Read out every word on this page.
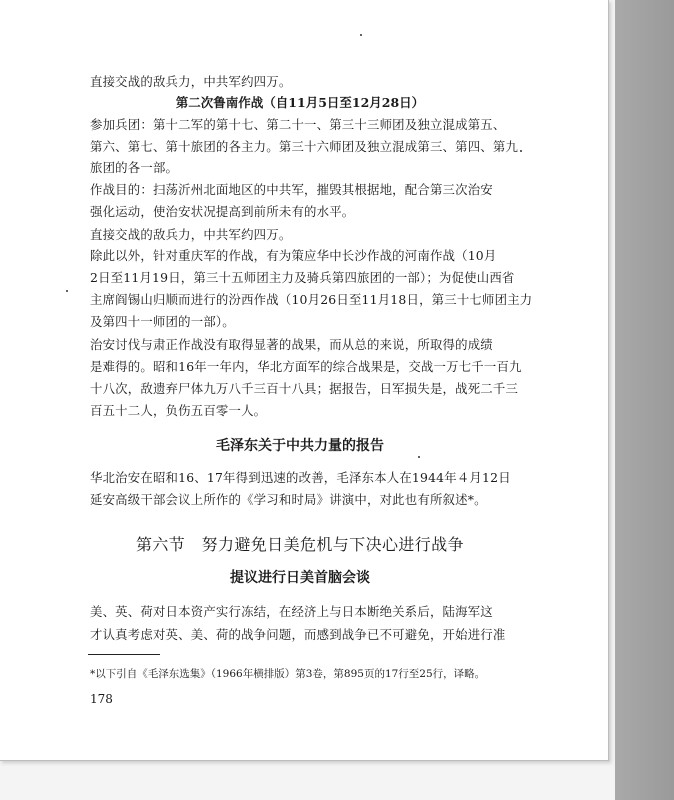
直接交战的敌兵力，中共军约四万。
第二次鲁南作战（自11月5日至12月28日）
参加兵团：第十二军的第十七、第二十一、第三十三师团及独立混成第五、
第六、第七、第十旅团的各主力。第三十六师团及独立混成第三、第四、第九
旅团的各一部。
作战目的：扫荡沂州北面地区的中共军，摧毁其根据地，配合第三次治安
强化运动，使治安状况提高到前所未有的水平。
直接交战的敌兵力，中共军约四万。
除此以外，针对重庆军的作战，有为策应华中长沙作战的河南作战（10月
2日至11月19日，第三十五师团主力及骑兵第四旅团的一部）；为促使山西省
主席阎锡山归顺而进行的汾西作战（10月26日至11月18日，第三十七师团主力
及第四十一师团的一部）。
治安讨伐与肃正作战没有取得显著的战果，而从总的来说，所取得的成绩
是难得的。昭和16年一年内，华北方面军的综合战果是，交战一万七千一百九
十八次，敌遗弃尸体九万八千三百十八具；据报告，日军损失是，战死二千三
百五十二人，负伤五百零一人。
毛泽东关于中共力量的报告
华北治安在昭和16、17年得到迅速的改善，毛泽东本人在1944年４月12日
延安高级干部会议上所作的《学习和时局》讲演中，对此也有所叙述*。
第六节　努力避免日美危机与下决心进行战争
提议进行日美首脑会谈
美、英、荷对日本资产实行冻结，在经济上与日本断绝关系后，陆海军这
才认真考虑对英、美、荷的战争问题，而感到战争已不可避免，开始进行准
*以下引自《毛泽东选集》（1966年横排版）第3卷，第895页的17行至25行，译略。
178
